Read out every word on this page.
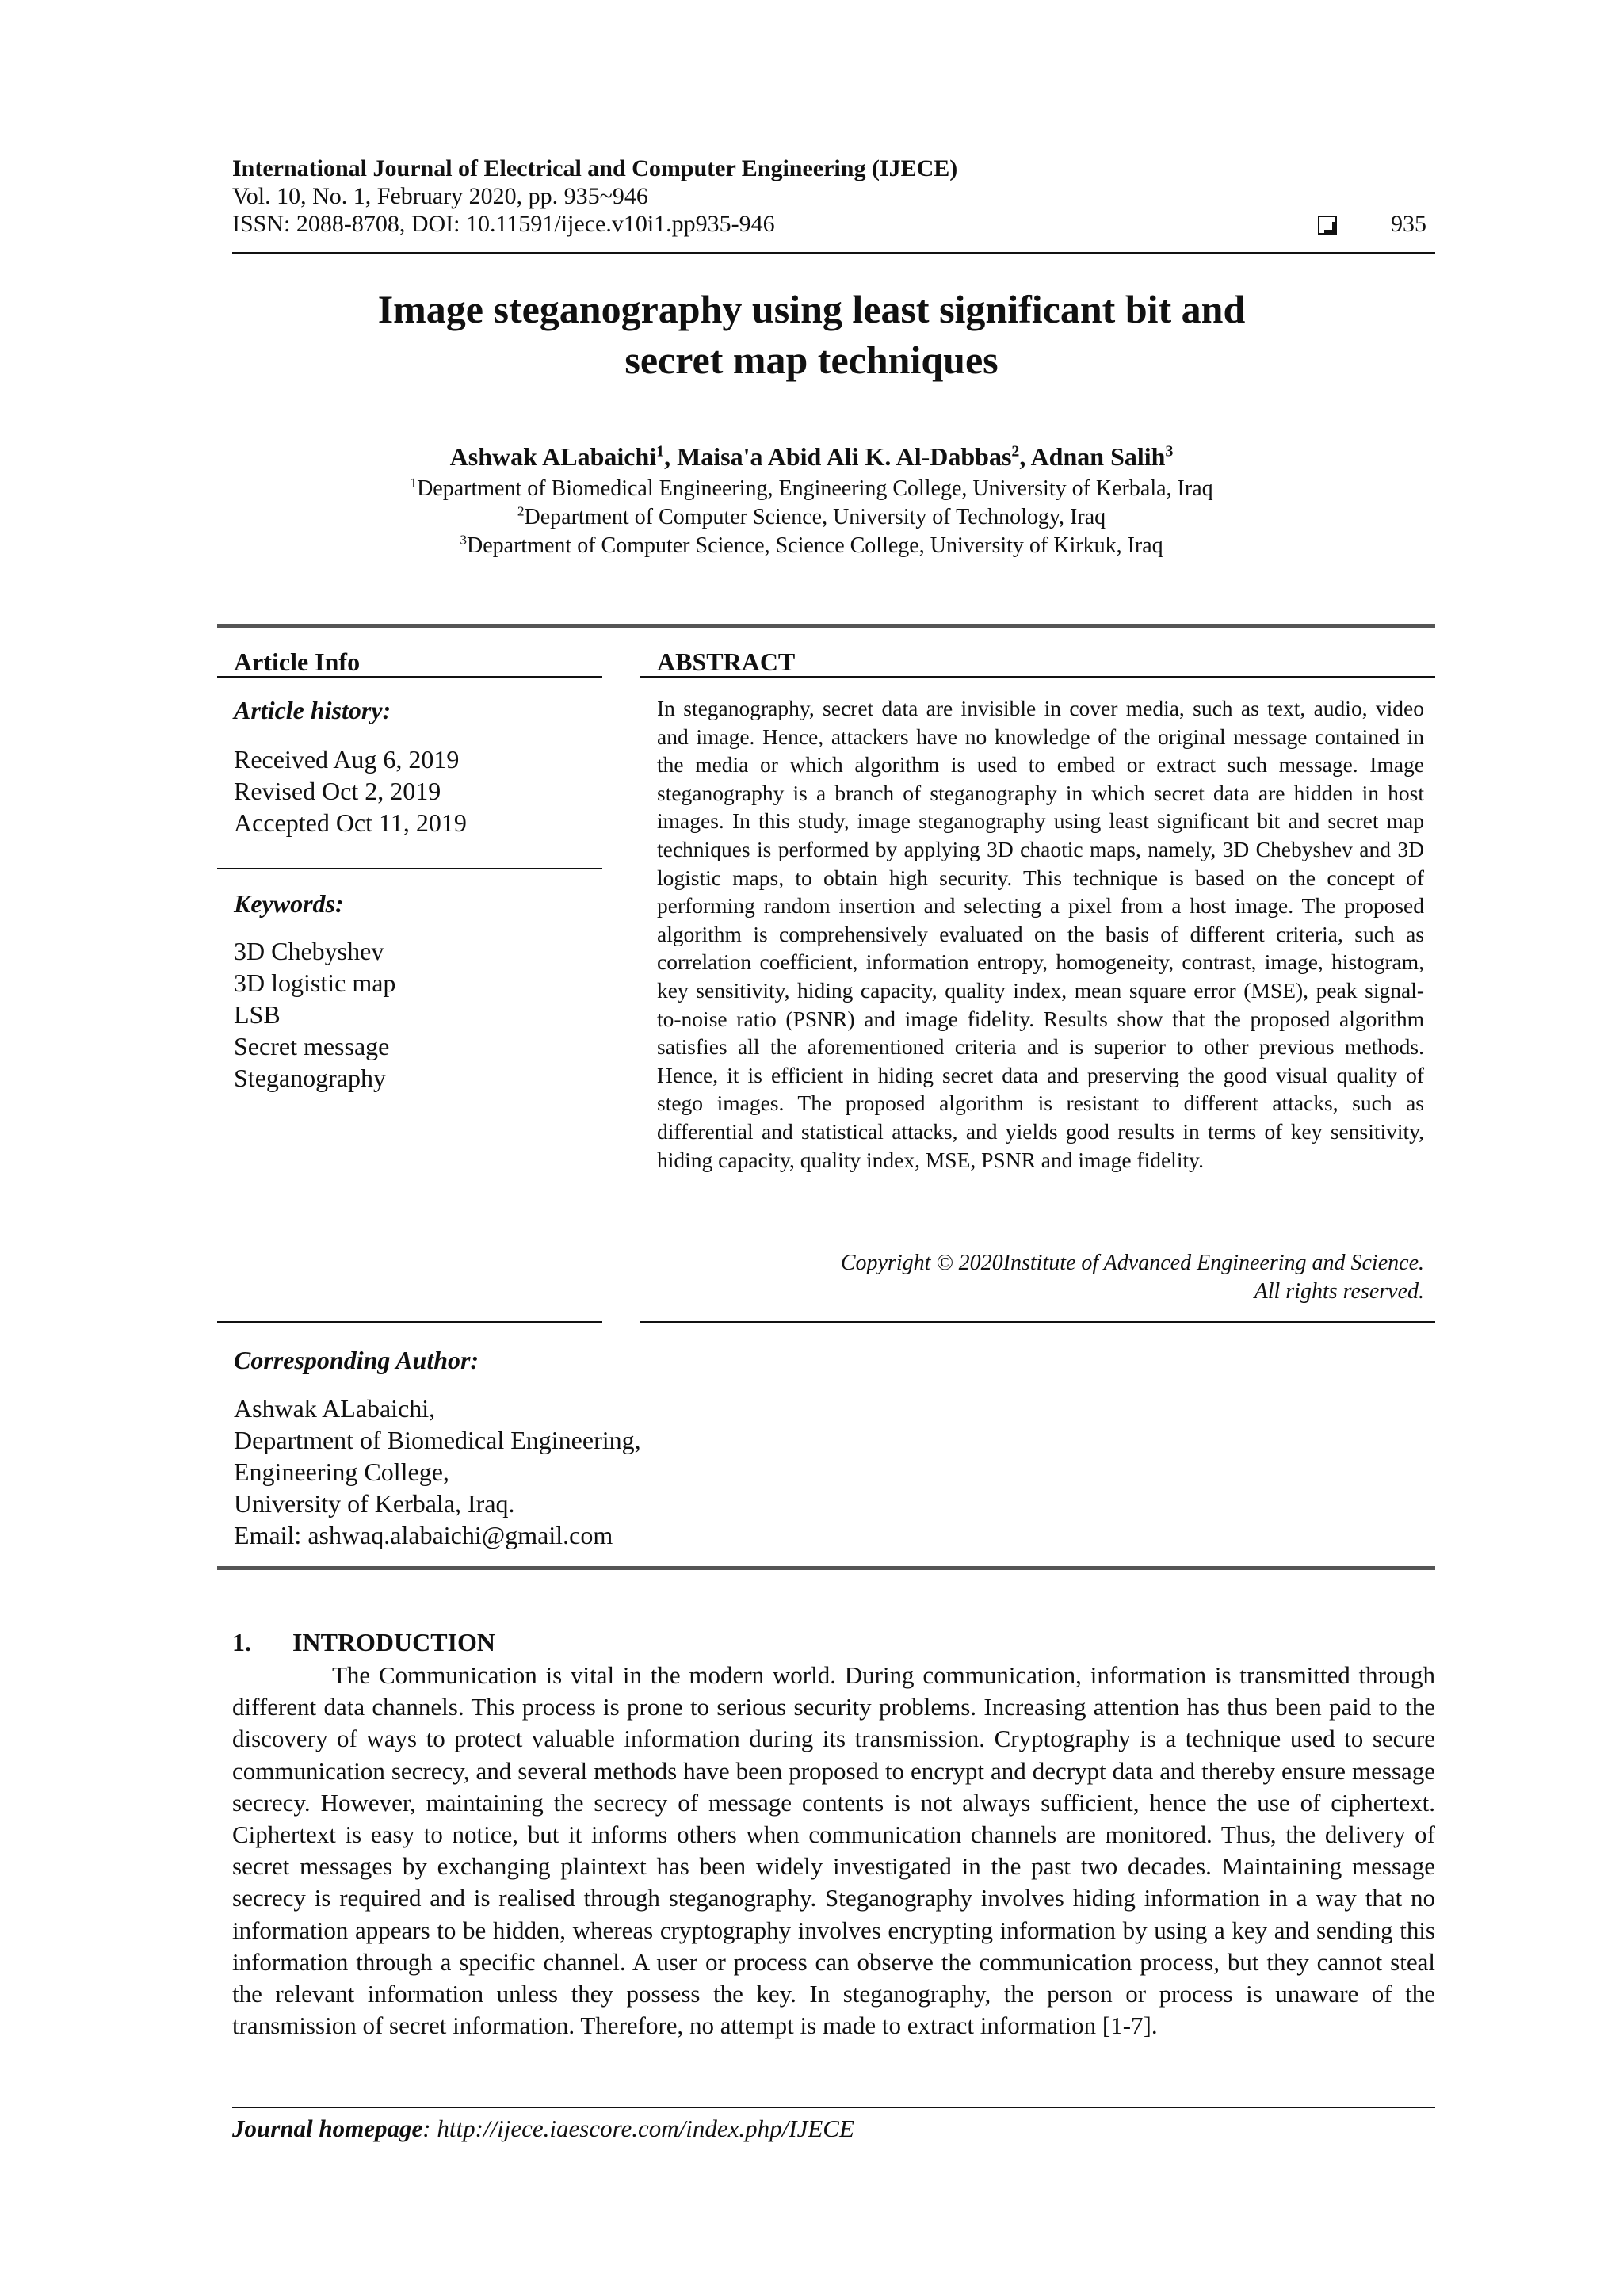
International Journal of Electrical and Computer Engineering (IJECE)
Vol. 10, No. 1, February 2020, pp. 935~946
ISSN: 2088-8708, DOI: 10.11591/ijece.v10i1.pp935-946	935
Image steganography using least significant bit and
secret map techniques
Ashwak ALabaichi$^1$, Maisa'a Abid Ali K. Al-Dabbas$^2$, Adnan Salih$^3$
$^1$Department of Biomedical Engineering, Engineering College, University of Kerbala, Iraq
$^2$Department of Computer Science, University of Technology, Iraq
$^3$Department of Computer Science, Science College, University of Kirkuk, Iraq
Article Info
Article history:
Received Aug 6, 2019
Revised Oct 2, 2019
Accepted Oct 11, 2019
Keywords:
3D Chebyshev
3D logistic map
LSB
Secret message
Steganography
ABSTRACT
In steganography, secret data are invisible in cover media, such as text, audio, video and image. Hence, attackers have no knowledge of the original message contained in the media or which algorithm is used to embed or extract such message. Image steganography is a branch of steganography in which secret data are hidden in host images. In this study, image steganography using least significant bit and secret map techniques is performed by applying 3D chaotic maps, namely, 3D Chebyshev and 3D logistic maps, to obtain high security. This technique is based on the concept of performing random insertion and selecting a pixel from a host image. The proposed algorithm is comprehensively evaluated on the basis of different criteria, such as correlation coefficient, information entropy, homogeneity, contrast, image, histogram, key sensitivity, hiding capacity, quality index, mean square error (MSE), peak signal-to-noise ratio (PSNR) and image fidelity. Results show that the proposed algorithm satisfies all the aforementioned criteria and is superior to other previous methods. Hence, it is efficient in hiding secret data and preserving the good visual quality of stego images. The proposed algorithm is resistant to different attacks, such as differential and statistical attacks, and yields good results in terms of key sensitivity, hiding capacity, quality index, MSE, PSNR and image fidelity.
Copyright © 2020Institute of Advanced Engineering and Science.
All rights reserved.
Corresponding Author:
Ashwak ALabaichi,
Department of Biomedical Engineering,
Engineering College,
University of Kerbala, Iraq.
Email: ashwaq.alabaichi@gmail.com
1. INTRODUCTION
The Communication is vital in the modern world. During communication, information is transmitted through different data channels. This process is prone to serious security problems. Increasing attention has thus been paid to the discovery of ways to protect valuable information during its transmission. Cryptography is a technique used to secure communication secrecy, and several methods have been proposed to encrypt and decrypt data and thereby ensure message secrecy. However, maintaining the secrecy of message contents is not always sufficient, hence the use of ciphertext. Ciphertext is easy to notice, but it informs others when communication channels are monitored. Thus, the delivery of secret messages by exchanging plaintext has been widely investigated in the past two decades. Maintaining message secrecy is required and is realised through steganography. Steganography involves hiding information in a way that no information appears to be hidden, whereas cryptography involves encrypting information by using a key and sending this information through a specific channel. A user or process can observe the communication process, but they cannot steal the relevant information unless they possess the key. In steganography, the person or process is unaware of the transmission of secret information. Therefore, no attempt is made to extract information [1-7].
Journal homepage: http://ijece.iaescore.com/index.php/IJECE
